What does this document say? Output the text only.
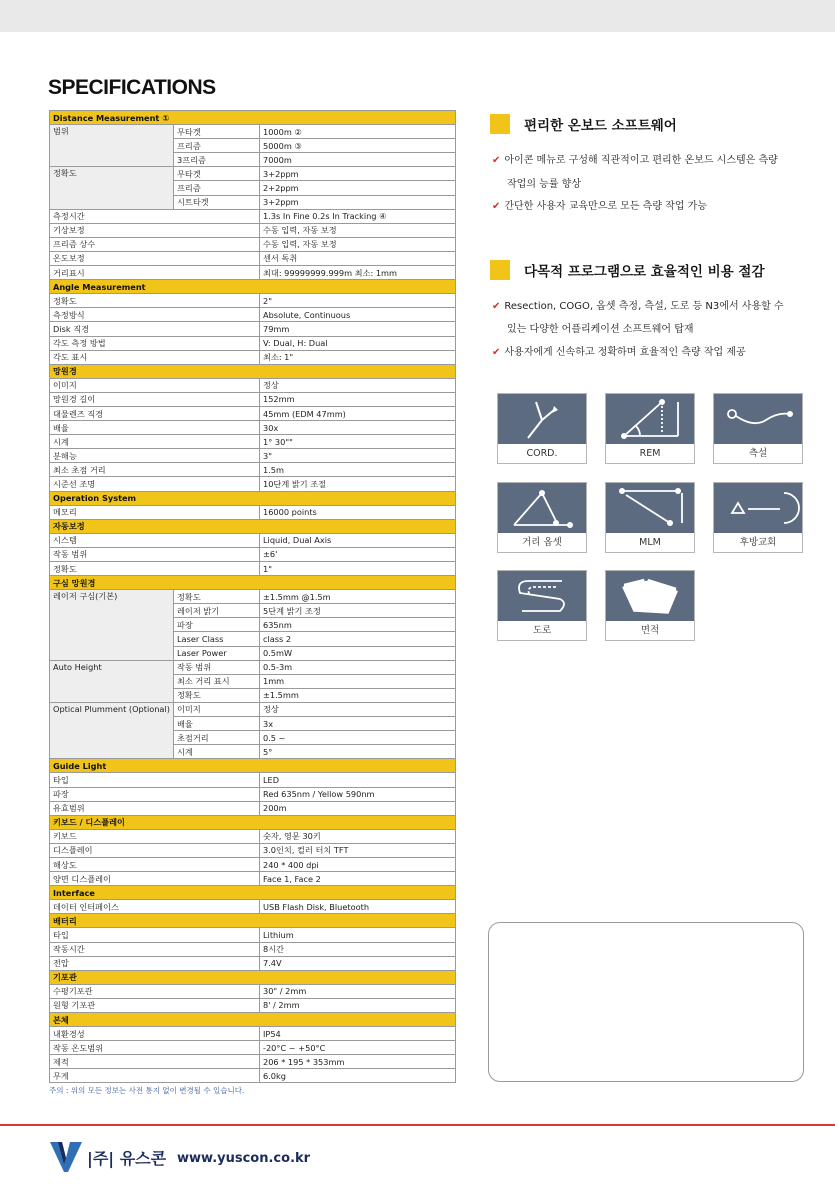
SPECIFICATIONS
Distance Measurement ①		
범위	무타겟	1000m ②
	프리즘	5000m ③
	3프리즘	7000m
정확도	무타겟	3+2ppm
	프리즘	2+2ppm
	시트타겟	3+2ppm
측정시간		1.3s In Fine 0.2s In Tracking ④
기상보정		수동 입력, 자동 보정
프리즘 상수		수동 입력, 자동 보정
온도보정		센서 독취
거리표시		최대: 99999999.999m 최소: 1mm
Angle Measurement		
정확도		2"
측정방식		Absolute, Continuous
Disk 직경		79mm
각도 측정 방법		V: Dual, H: Dual
각도 표시		최소: 1"
망원경		
이미지		정상
망원경 길이		152mm
대물렌즈 직경		45mm (EDM 47mm)
배율		30x
시계		1° 30""
분해능		3"
최소 초점 거리		1.5m
시준선 조명		10단계 밝기 조절
Operation System		
메모리		16000 points
자동보정		
시스템		Liquid, Dual Axis
작동 범위		±6'
정확도		1"
구심 망원경		
레이저 구심(기본)	정확도	±1.5mm @1.5m
	레이저 밝기	5단계 밝기 조정
	파장	635nm
	Laser Class	class 2
	Laser Power	0.5mW
Auto Height	작동 범위	0.5-3m
	최소 거리 표시	1mm
	정확도	±1.5mm
Optical Plumment (Optional)	이미지	정상
	배율	3x
	초점거리	0.5 ~
	시계	5°
Guide Light		
타입		LED
파장		Red 635nm / Yellow 590nm
유효범위		200m
키보드 / 디스플레이		
키보드		숫자, 영문 30키
디스플레이		3.0인치, 컬러 터치 TFT
해상도		240 * 400 dpi
양면 디스플레이		Face 1, Face 2
Interface		
데이터 인터페이스		USB Flash Disk, Bluetooth
배터리		
타입		Lithium
작동시간		8시간
전압		7.4V
기포관		
수평기포관		30" / 2mm
원형 기포관		8' / 2mm
본체		
내환경성		IP54
작동 온도범위		-20°C ~ +50°C
제적		206 * 195 * 353mm
무게		6.0kg
주의 : 위의 모든 정보는 사전 통지 없이 변경될 수 있습니다.
편리한 온보드 소프트웨어
✔ 아이콘 메뉴로 구성해 직관적이고 편리한 온보드 시스템은 측량
작업의 능률 향상
✔ 간단한 사용자 교육만으로 모든 측량 작업 가능
다목적 프로그램으로 효율적인 비용 절감
✔ Resection, COGO, 옵셋 측정, 측설, 도로 등 N3에서 사용할 수
있는 다양한 어플리케이션 소프트웨어 탑재
✔ 사용자에게 신속하고 정확하며 효율적인 측량 작업 제공
CORD.	REM	측설
거리 옵셋	MLM	후방교회
도로	면적
|주| 유스콘 www.yuscon.co.kr
